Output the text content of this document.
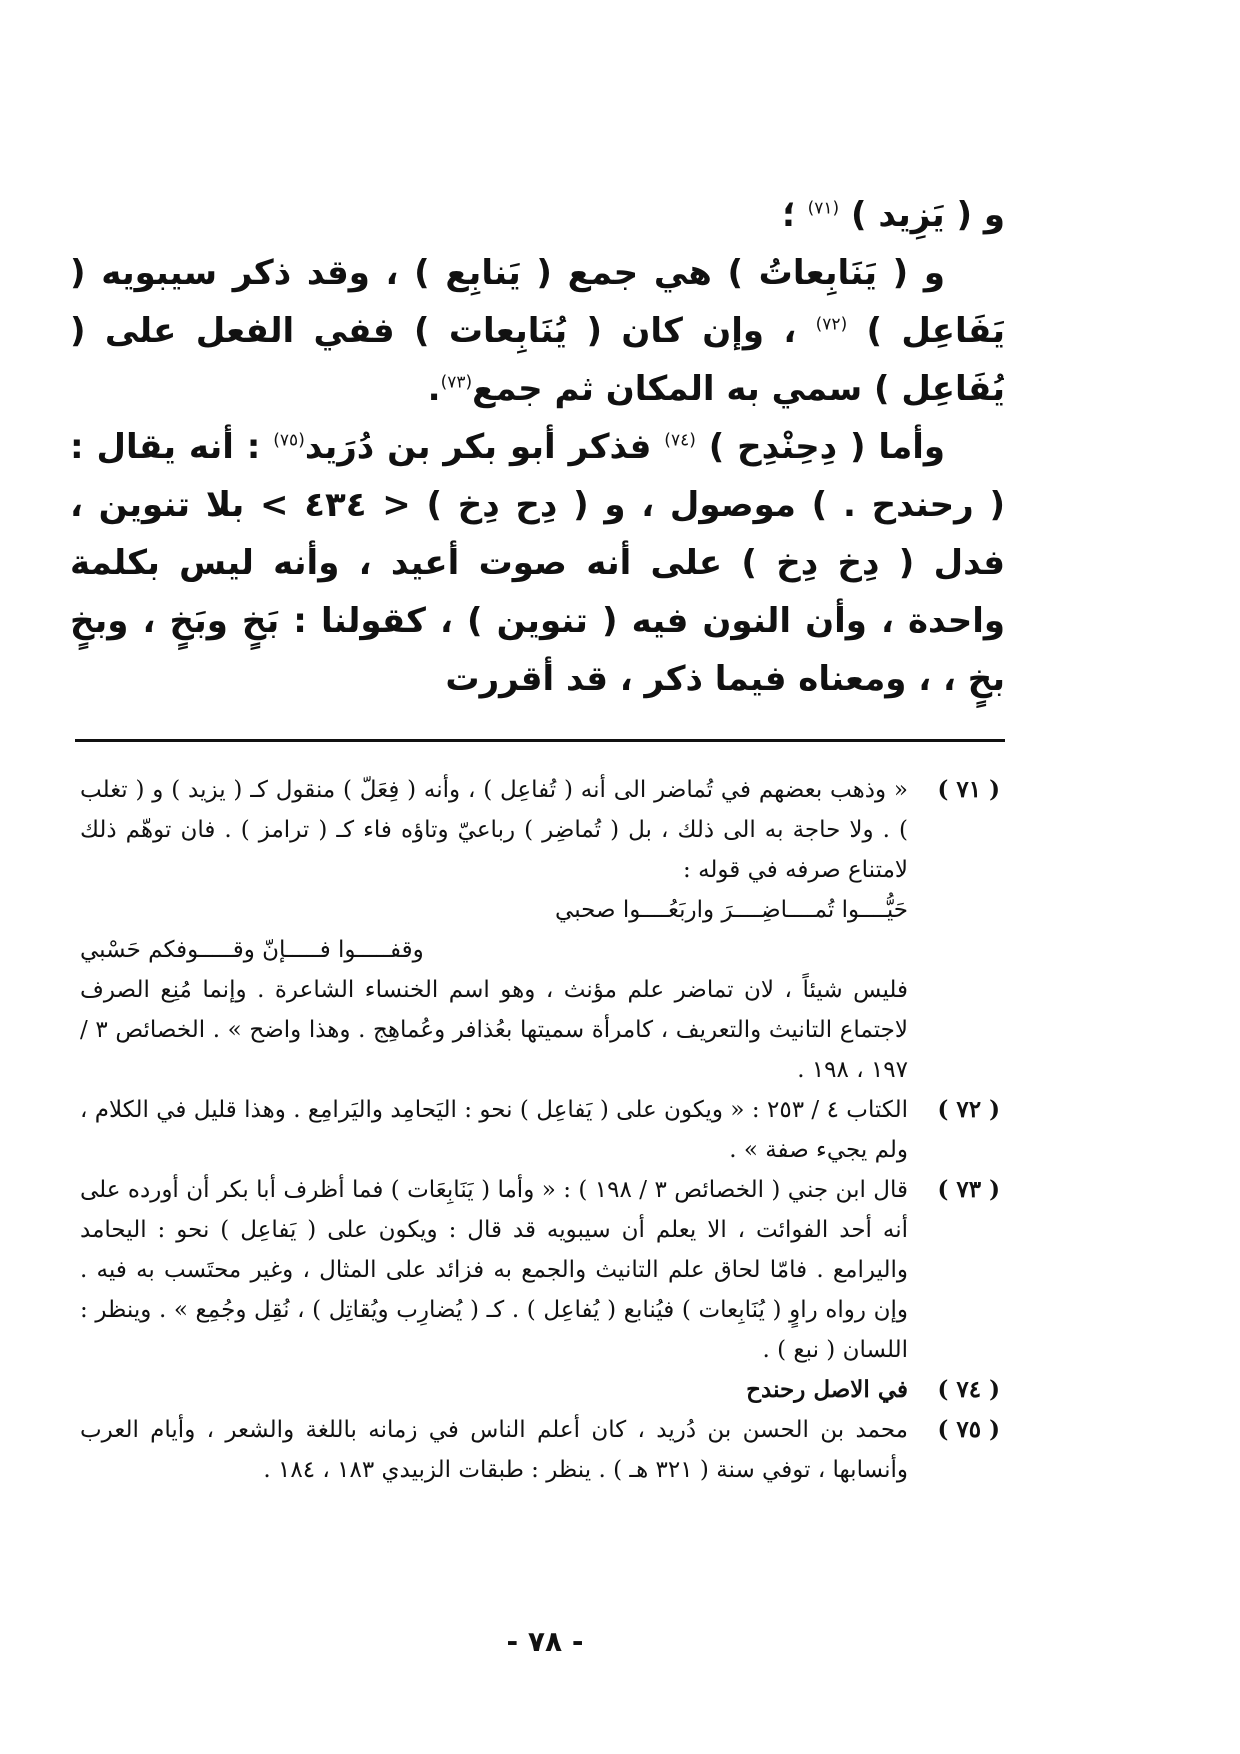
و ( يَزِيد ) $^{(٧١)}$ ؛

و ( يَنَابِعاتُ ) هي جمع ( يَنابِع ) ، وقد ذكر سيبويه ( يَفَاعِل ) $^{(٧٢)}$ ، وإن كان ( يُنَابِعات ) ففي الفعل على ( يُفَاعِل ) سمي به المكان ثم جمع$^{(٧٣)}$.

وأما ( دِحِنْدِح ) $^{(٧٤)}$ فذكر أبو بكر بن دُرَيد$^{(٧٥)}$ : أنه يقال : ( رحندح . ) موصول ، و ( دِح دِخ ) < ٤٣٤ > بلا تنوين ، فدل ( دِخ دِخ ) على أنه صوت أعيد ، وأنه ليس بكلمة واحدة ، وأن النون فيه ( تنوين ) ، كقولنا : بَخٍ وبَخٍ ، وبخٍ بخٍ ، ، ومعناه فيما ذكر ، قد أقررت

( ٧١ )
« وذهب بعضهم في تُماضر الى أنه ( تُفاعِل ) ، وأنه ( فِعَلّ ) منقول كـ ( يزيد ) و ( تغلب ) . ولا حاجة به الى ذلك ، بل ( تُماضِر ) رباعيّ وتاؤه فاء كـ ( ترامز ) . فان توهّم ذلك لامتناع صرفه في قوله :
حَيُّــــوا تُمــــاضِــــرَ واربَعُــــوا صحبي
وقفـــــوا فـــــإنّ وقـــــوفكم حَسْبي
فليس شيئاً ، لان تماضر علم مؤنث ، وهو اسم الخنساء الشاعرة . وإنما مُنِع الصرف لاجتماع التانيث والتعريف ، كامرأة سميتها بعُذافر وعُماهِج . وهذا واضح » . الخصائص ٣ / ١٩٧ ، ١٩٨ .
( ٧٢ )
الكتاب ٤ / ٢٥٣ : « ويكون على ( يَفاعِل ) نحو : اليَحامِد واليَرامِع . وهذا قليل في الكلام ، ولم يجيء صفة » .
( ٧٣ )
قال ابن جني ( الخصائص ٣ / ١٩٨ ) : « وأما ( يَنَابِعَات ) فما أظرف أبا بكر أن أورده على أنه أحد الفوائت ، الا يعلم أن سيبويه قد قال : ويكون على ( يَفاعِل ) نحو : اليحامد واليرامع . فامّا لحاق علم التانيث والجمع به فزائد على المثال ، وغير محتَسب به فيه . وإن رواه راوٍ ( يُنَابِعات ) فيُنابع ( يُفاعِل ) . كـ ( يُضارِب ويُقاتِل ) ، نُقِل وجُمِع » . وينظر : اللسان ( نبع ) .
( ٧٤ )
في الاصل رحندح
( ٧٥ )
محمد بن الحسن بن دُريد ، كان أعلم الناس في زمانه باللغة والشعر ، وأيام العرب وأنسابها ، توفي سنة ( ٣٢١ هـ ) . ينظر : طبقات الزبيدي ١٨٣ ، ١٨٤ .
- ٧٨ -
